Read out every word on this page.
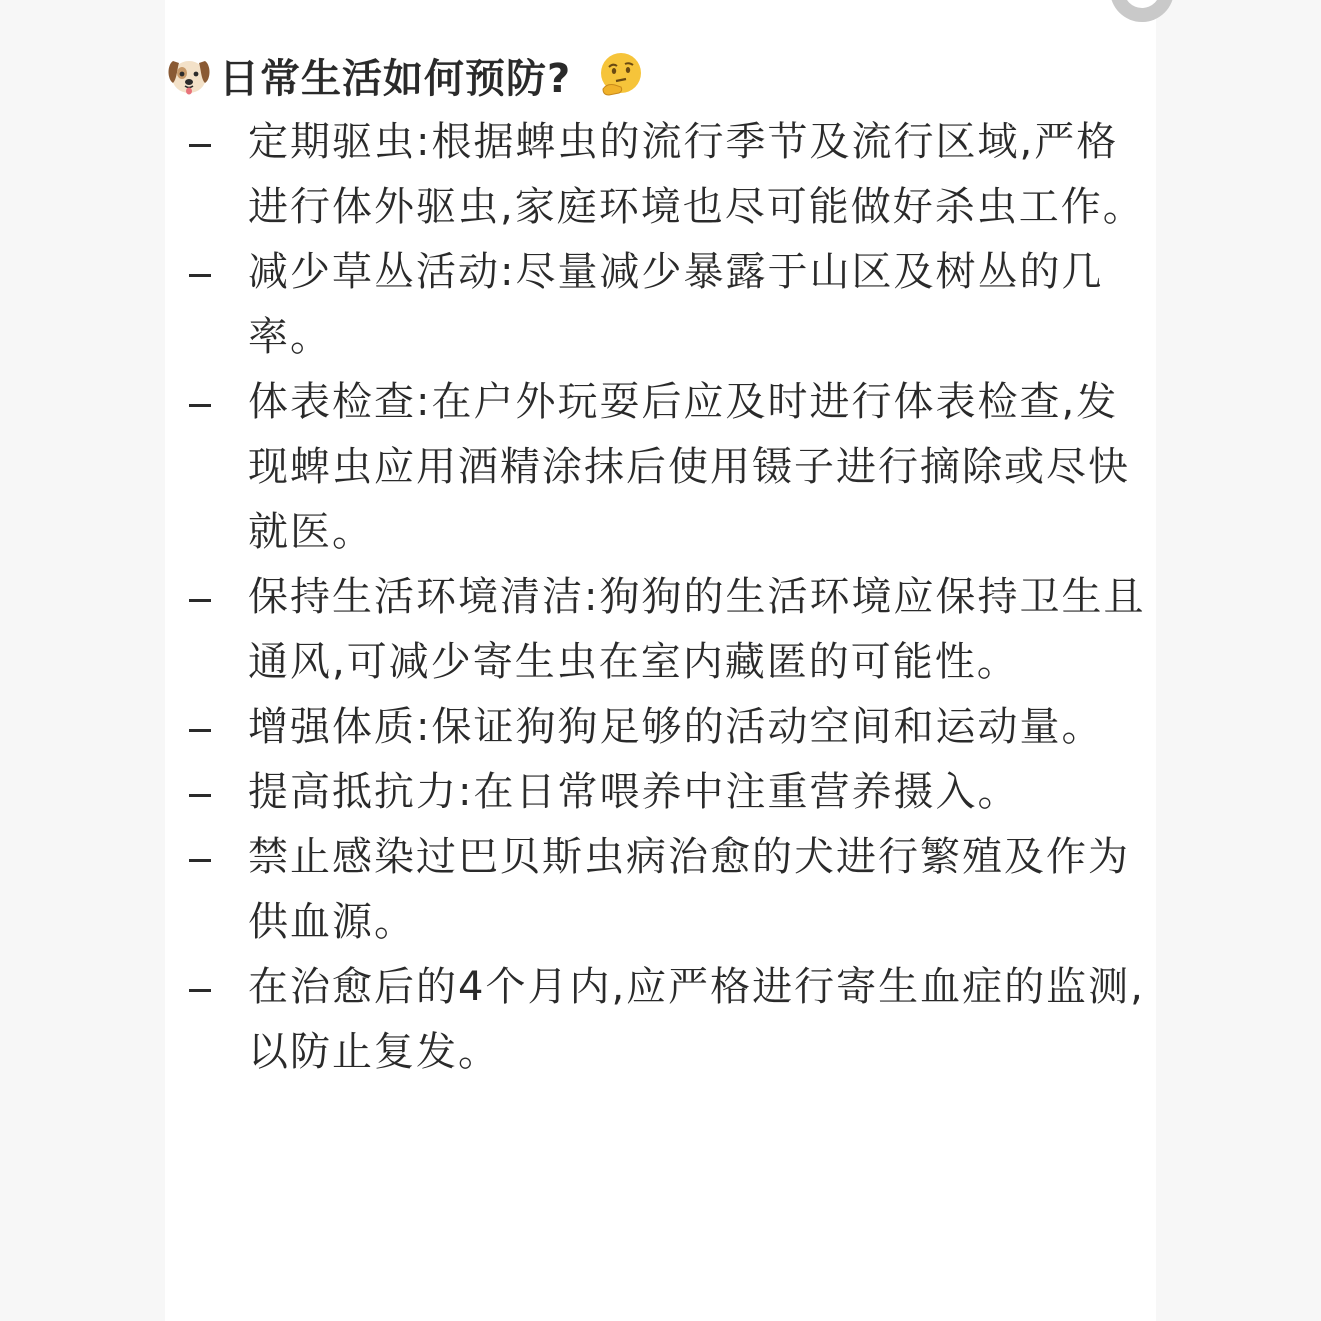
日常生活如何预防?
定期驱虫:根据蜱虫的流行季节及流行区域,严格进行体外驱虫,家庭环境也尽可能做好杀虫工作。
减少草丛活动:尽量减少暴露于山区及树丛的几率。
体表检查:在户外玩耍后应及时进行体表检查,发现蜱虫应用酒精涂抹后使用镊子进行摘除或尽快就医。
保持生活环境清洁:狗狗的生活环境应保持卫生且通风,可减少寄生虫在室内藏匿的可能性。
增强体质:保证狗狗足够的活动空间和运动量。
提高抵抗力:在日常喂养中注重营养摄入。
禁止感染过巴贝斯虫病治愈的犬进行繁殖及作为供血源。
在治愈后的4个月内,应严格进行寄生血症的监测,以防止复发。
